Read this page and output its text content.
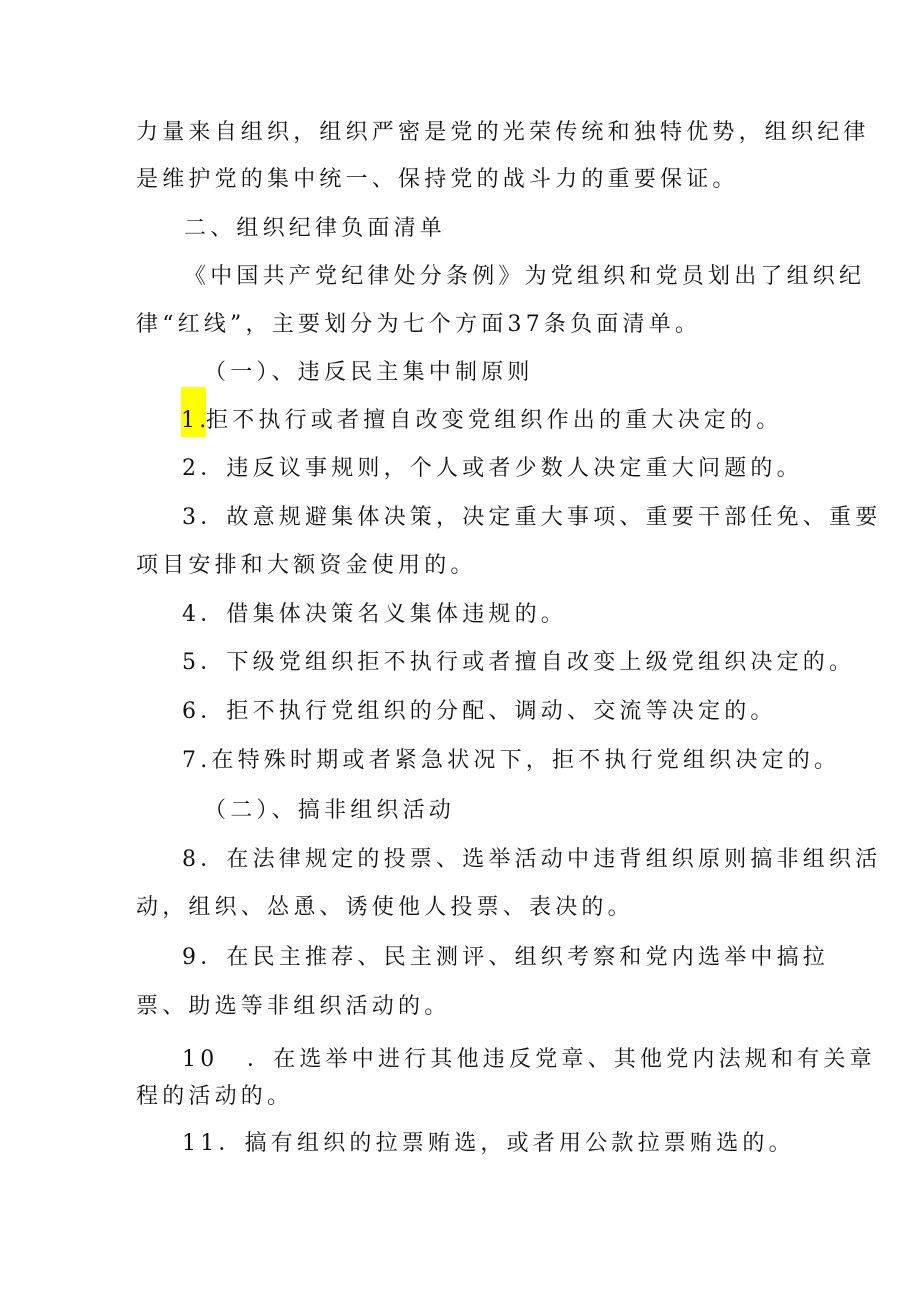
力量来自组织，组织严密是党的光荣传统和独特优势，组织纪律
是维护党的集中统一、保持党的战斗力的重要保证。
二、组织纪律负面清单
《中国共产党纪律处分条例》为党组织和党员划出了组织纪
律“红线”，主要划分为七个方面37条负面清单。
（一）、违反民主集中制原则
1.
拒不执行或者擅自改变党组织作出的重大决定的。
2．违反议事规则，个人或者少数人决定重大问题的。
3．故意规避集体决策，决定重大事项、重要干部任免、重要
项目安排和大额资金使用的。
4．借集体决策名义集体违规的。
5．下级党组织拒不执行或者擅自改变上级党组织决定的。
6．拒不执行党组织的分配、调动、交流等决定的。
7.在特殊时期或者紧急状况下，拒不执行党组织决定的。
（二）、搞非组织活动
8．在法律规定的投票、选举活动中违背组织原则搞非组织活
动，组织、怂恿、诱使他人投票、表决的。
9．在民主推荐、民主测评、组织考察和党内选举中搞拉
票、助选等非组织活动的。
10 ．在选举中进行其他违反党章、其他党内法规和有关章
程的活动的。
11．搞有组织的拉票贿选，或者用公款拉票贿选的。
